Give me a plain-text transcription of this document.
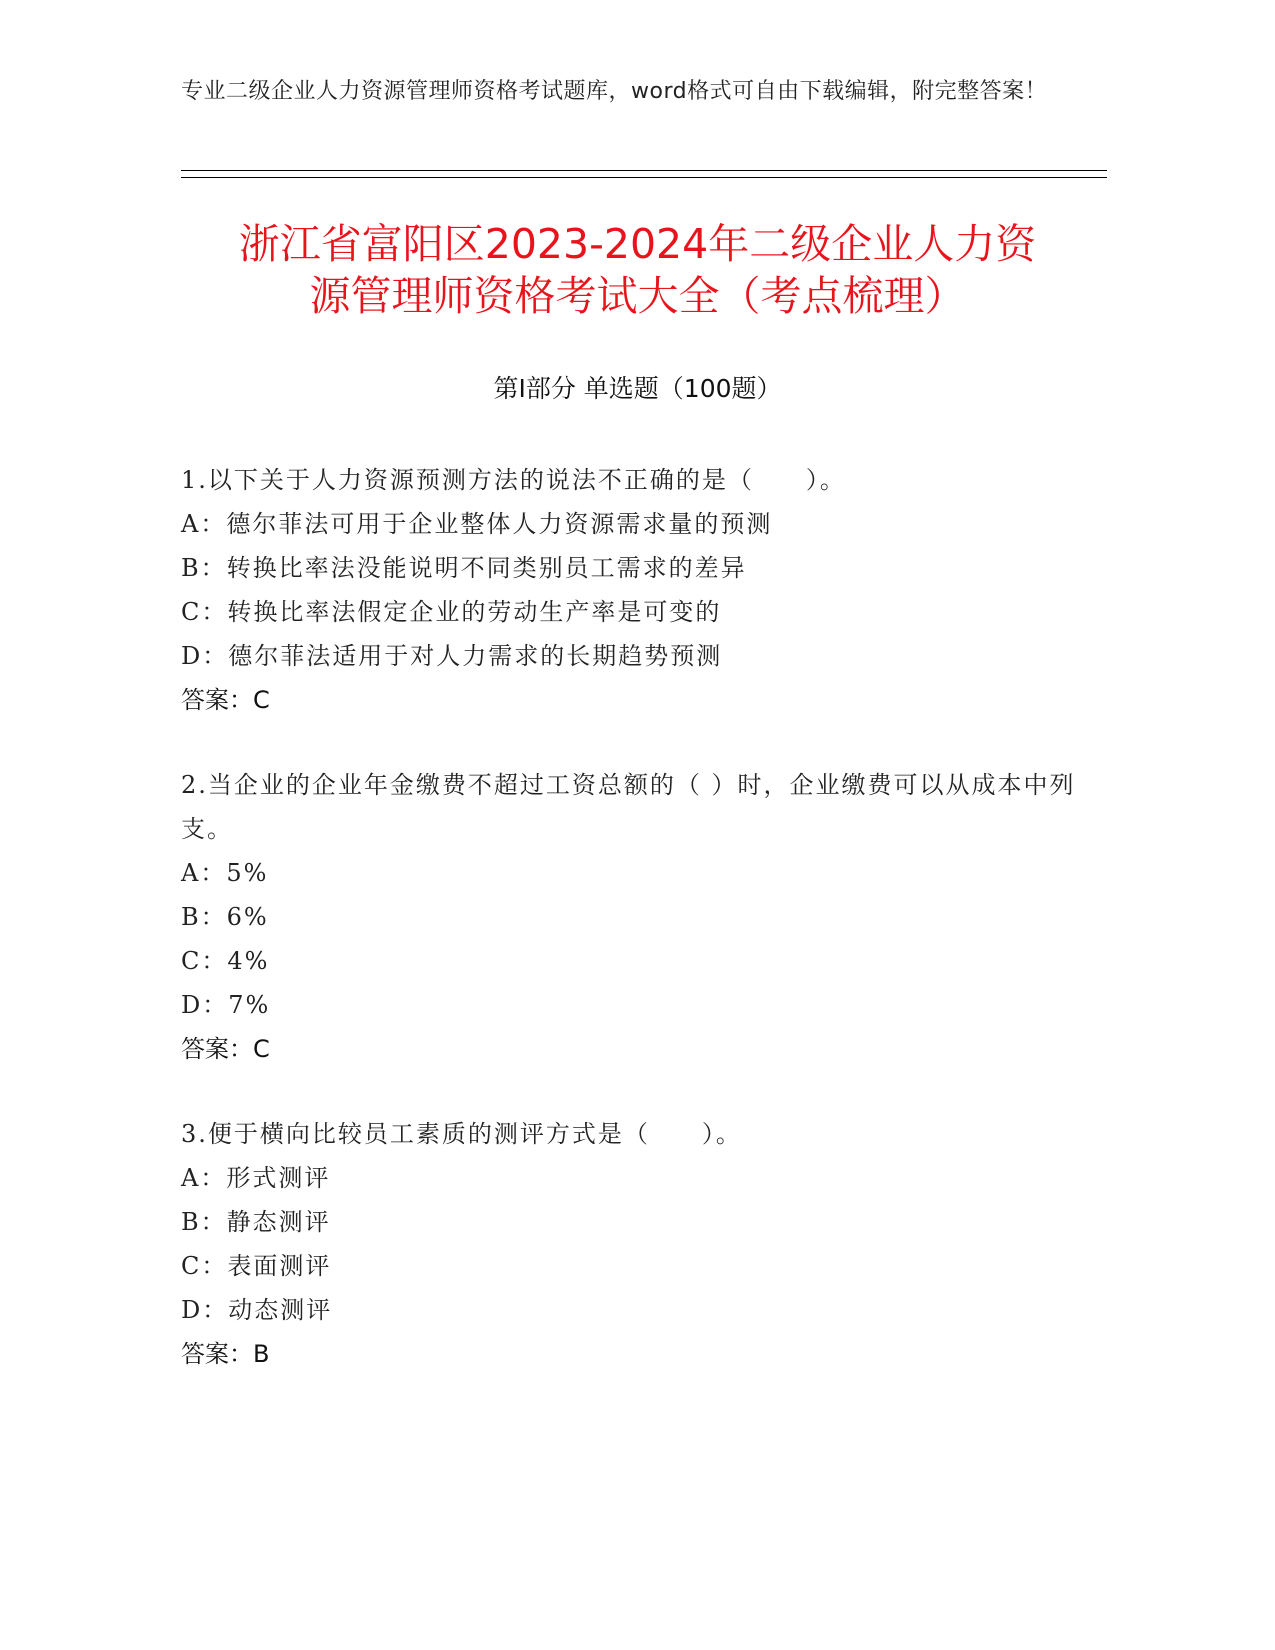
专业二级企业人力资源管理师资格考试题库，word格式可自由下载编辑，附完整答案！
浙江省富阳区2023-2024年二级企业人力资
源管理师资格考试大全（考点梳理）
第Ⅰ部分 单选题（100题）

1.以下关于人力资源预测方法的说法不正确的是（　　）。

A：德尔菲法可用于企业整体人力资源需求量的预测

B：转换比率法没能说明不同类别员工需求的差异

C：转换比率法假定企业的劳动生产率是可变的

D：德尔菲法适用于对人力需求的长期趋势预测

答案：C

2.当企业的企业年金缴费不超过工资总额的（ ）时，企业缴费可以从成本中列支。

A：5%

B：6%

C：4%

D：7%

答案：C

3.便于横向比较员工素质的测评方式是（　　）。

A：形式测评

B：静态测评

C：表面测评

D：动态测评

答案：B
